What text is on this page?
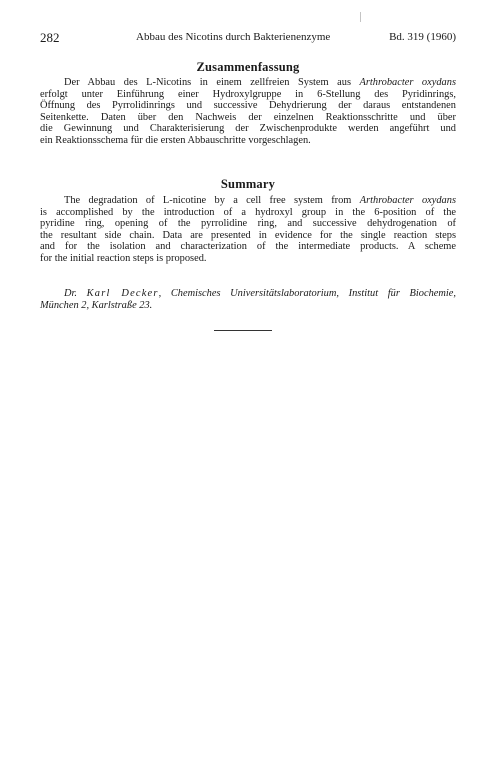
282	Abbau des Nicotins durch Bakterienenzyme	Bd. 319 (1960)
Zusammenfassung
Der Abbau des L-Nicotins in einem zellfreien System aus Arthrobacter oxydans
erfolgt unter Einführung einer Hydroxylgruppe in 6-Stellung des Pyridinrings,
Öffnung des Pyrrolidinrings und successive Dehydrierung der daraus entstandenen
Seitenkette. Daten über den Nachweis der einzelnen Reaktionsschritte und über
die Gewinnung und Charakterisierung der Zwischenprodukte werden angeführt und
ein Reaktionsschema für die ersten Abbauschritte vorgeschlagen.
Summary
The degradation of L-nicotine by a cell free system from Arthrobacter oxydans
is accomplished by the introduction of a hydroxyl group in the 6-position of the
pyridine ring, opening of the pyrrolidine ring, and successive dehydrogenation of
the resultant side chain. Data are presented in evidence for the single reaction steps
and for the isolation and characterization of the intermediate products. A scheme
for the initial reaction steps is proposed.
Dr. Karl Decker, Chemisches Universitätslaboratorium, Institut für Biochemie,
München 2, Karlstraße 23.
